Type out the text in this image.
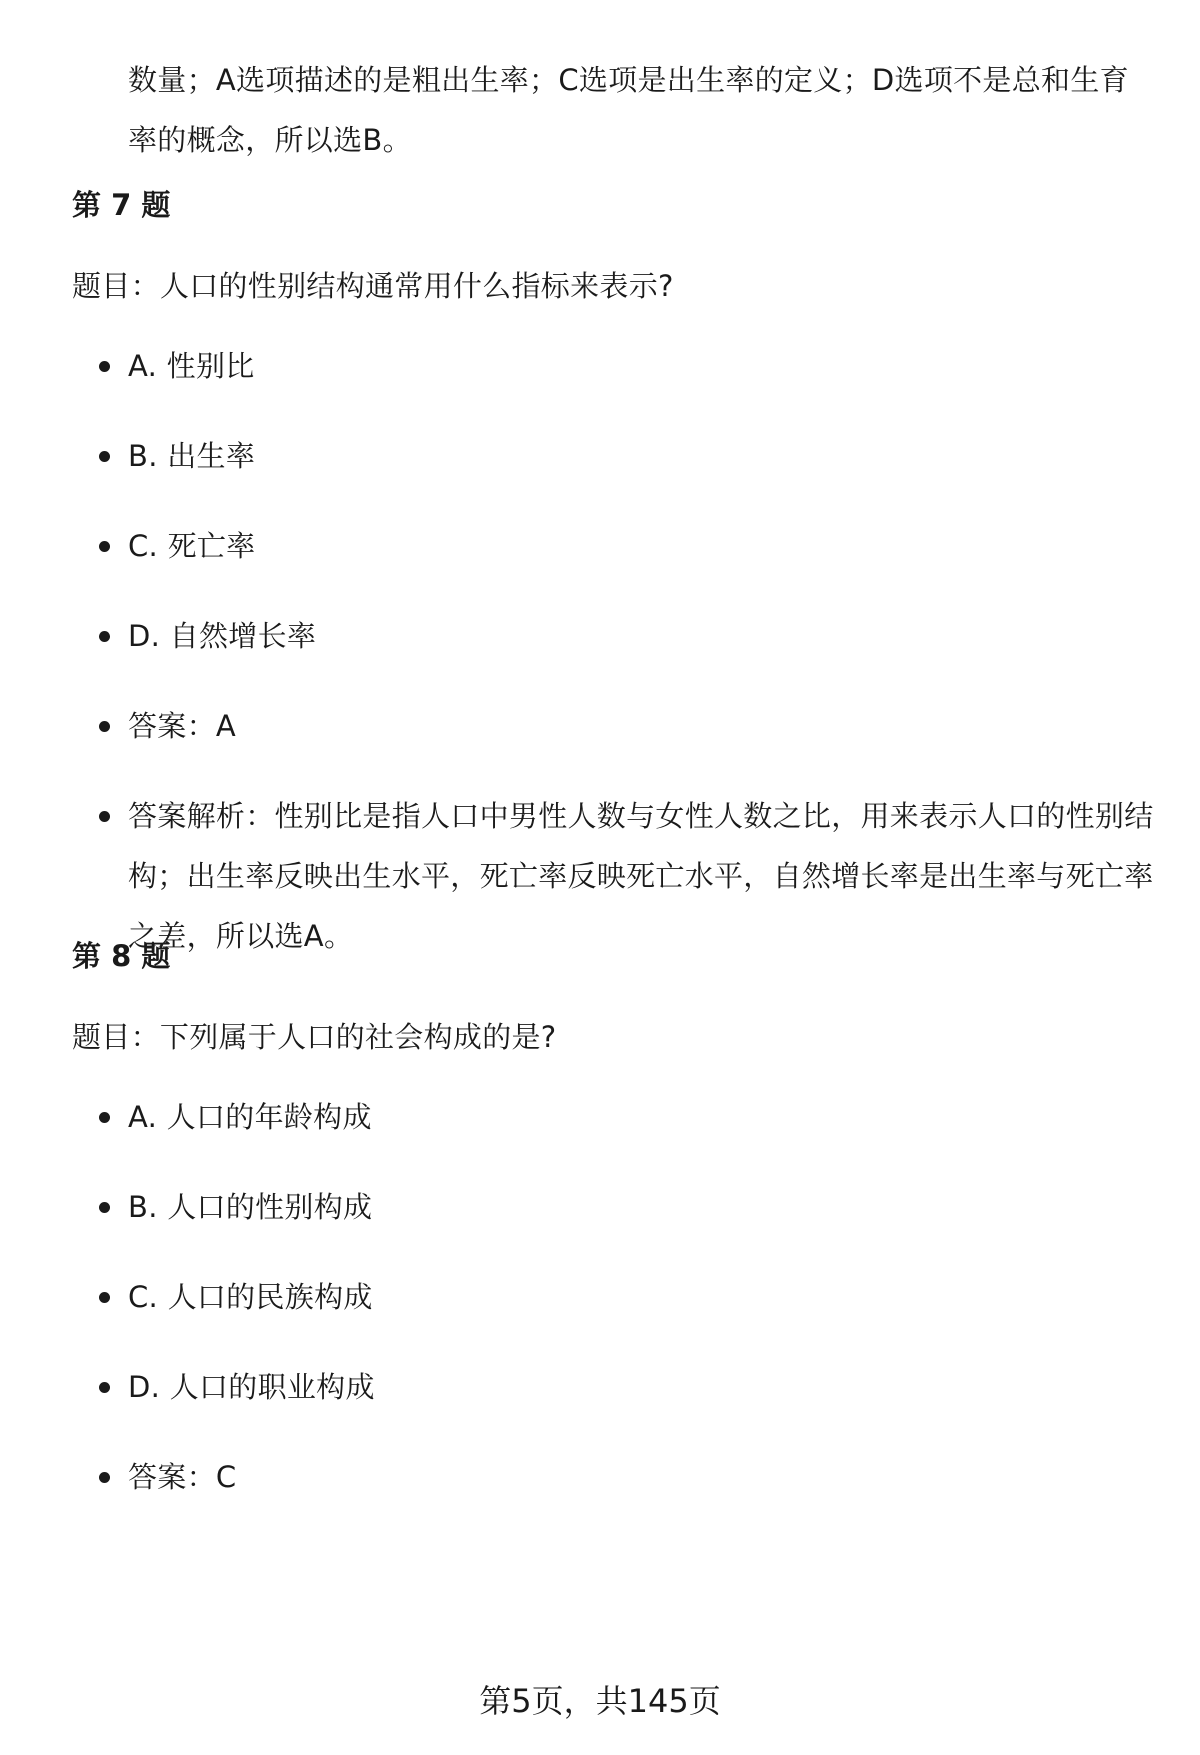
数量；A选项描述的是粗出生率；C选项是出生率的定义；D选项不是总和生育率的概念，所以选B。
第 7 题
题目：人口的性别结构通常用什么指标来表示?
A. 性别比
B. 出生率
C. 死亡率
D. 自然增长率
答案：A
答案解析：性别比是指人口中男性人数与女性人数之比，用来表示人口的性别结构；出生率反映出生水平，死亡率反映死亡水平，自然增长率是出生率与死亡率之差，所以选A。
第 8 题
题目：下列属于人口的社会构成的是?
A. 人口的年龄构成
B. 人口的性别构成
C. 人口的民族构成
D. 人口的职业构成
答案：C
第5页，共145页
